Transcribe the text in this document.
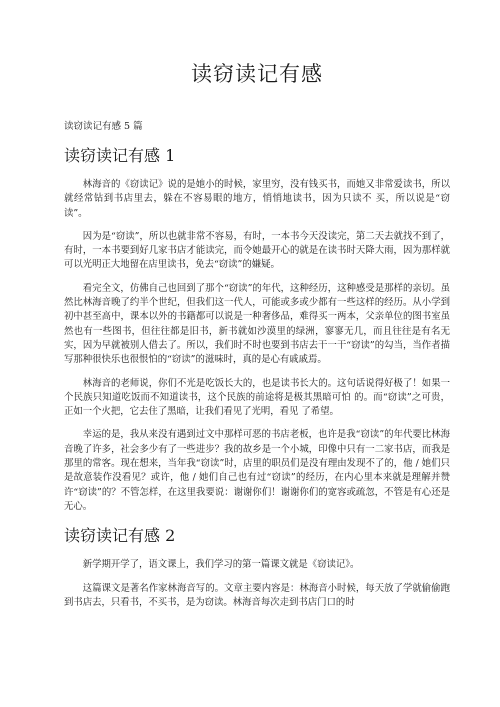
读窃读记有感

读窃读记有感 5 篇

读窃读记有感 1

林海音的《窃读记》说的是她小的时候，家里穷，没有钱买书，而她又非常爱读书，所以就经常钻到书店里去，躲在不容易眼的地方，悄悄地读书，因为只读不 买，所以说是“窃读”。

因为是“窃读”，所以也就非常不容易，有时，一本书今天没读完，第二天去就找不到了，有时，一本书要到好几家书店才能读完，而令她最开心的就是在读书时天降大雨，因为那样就可以光明正大地留在店里读书，免去“窃读”的嫌疑。

看完全文，仿佛自己也回到了那个“窃读”的年代，这种经历，这种感受是那样的亲切。虽然比林海音晚了约半个世纪，但我们这一代人，可能或多或少都有一些这样的经历。从小学到初中甚至高中，课本以外的书籍都可以说是一种奢侈品，难得买一两本，父亲单位的图书室虽然也有一些图书，但往往都是旧书，新书就如沙漠里的绿洲，寥寥无几，而且往往是有名无实，因为早就被别人借去了。所以，我们时不时也要到书店去干一干“窃读”的勾当，当作者描写那种很快乐也很恨怕的“窃读”的滋味时，真的是心有戚戚焉。

林海音的老师说，你们不光是吃饭长大的，也是读书长大的。这句话说得好极了！如果一个民族只知道吃饭而不知道读书，这个民族的前途将是极其黑暗可怕 的。而“窃读”之可贵，正如一个火把，它去住了黑暗，让我们看见了光明，看见 了希望。

幸运的是，我从来没有遇到过文中那样可恶的书店老板，也许是我“窃读”的年代要比林海音晚了许多，社会多少有了一些进步？我的故乡是一个小城，印像中只有一二家书店，而我是那里的常客。现在想来，当年我“窃读”时，店里的职员们是没有理由发现不了的，他 / 她们只是故意装作没看见？或许，他 / 她们自己也有过“窃读”的经历，在内心里本来就是理解并赞许“窃读”的？不管怎样，在这里我要说：谢谢你们！谢谢你们的宽容或疏忽，不管是有心还是无心。

读窃读记有感 2

新学期开学了，语文课上，我们学习的第一篇课文就是《窃读记》。

这篇课文是著名作家林海音写的。文章主要内容是：林海音小时候，每天放了学就偷偷跑到书店去，只看书，不买书，是为窃读。林海音每次走到书店门口的时
